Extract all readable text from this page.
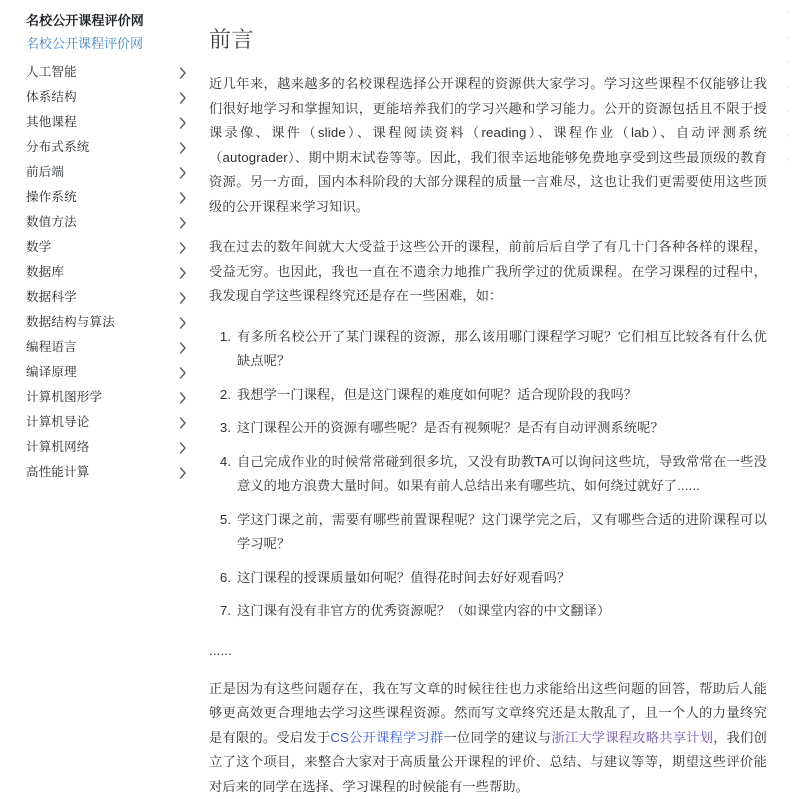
名校公开课程评价网
名校公开课程评价网
人工智能
体系结构
其他课程
分布式系统
前后端
操作系统
数值方法
数学
数据库
数据科学
数据结构与算法
编程语言
编译原理
计算机图形学
计算机导论
计算机网络
高性能计算
前言

近几年来，越来越多的名校课程选择公开课程的资源供大家学习。学习这些课程不仅能够让我们很好地学习和掌握知识，更能培养我们的学习兴趣和学习能力。公开的资源包括且不限于授课录像、课件（slide）、课程阅读资料（reading）、课程作业（lab）、自动评测系统（autograder）、期中期末试卷等等。因此，我们很幸运地能够免费地享受到这些最顶级的教育资源。另一方面，国内本科阶段的大部分课程的质量一言难尽，这也让我们更需要使用这些顶级的公开课程来学习知识。

我在过去的数年间就大大受益于这些公开的课程，前前后后自学了有几十门各种各样的课程，受益无穷。也因此，我也一直在不遗余力地推广我所学过的优质课程。在学习课程的过程中，我发现自学这些课程终究还是存在一些困难，如：

1. 有多所名校公开了某门课程的资源，那么该用哪门课程学习呢？它们相互比较各有什么优缺点呢？
2. 我想学一门课程，但是这门课程的难度如何呢？适合现阶段的我吗？
3. 这门课程公开的资源有哪些呢？是否有视频呢？是否有自动评测系统呢？
4. 自己完成作业的时候常常碰到很多坑，又没有助教TA可以询问这些坑，导致常常在一些没意义的地方浪费大量时间。如果有前人总结出来有哪些坑、如何绕过就好了......
5. 学这门课之前，需要有哪些前置课程呢？这门课学完之后，又有哪些合适的进阶课程可以学习呢？
6. 这门课程的授课质量如何呢？值得花时间去好好观看吗？
7. 这门课有没有非官方的优秀资源呢？（如课堂内容的中文翻译）

......

正是因为有这些问题存在，我在写文章的时候往往也力求能给出这些问题的回答，帮助后人能够更高效更合理地去学习这些课程资源。然而写文章终究还是太散乱了，且一个人的力量终究是有限的。受启发于CS公开课程学习群一位同学的建议与浙江大学课程攻略共享计划，我们创立了这个项目，来整合大家对于高质量公开课程的评价、总结、与建议等等，期望这些评价能对后来的同学在选择、学习课程的时候能有一些帮助。

·
·
·
·
·
·
·
